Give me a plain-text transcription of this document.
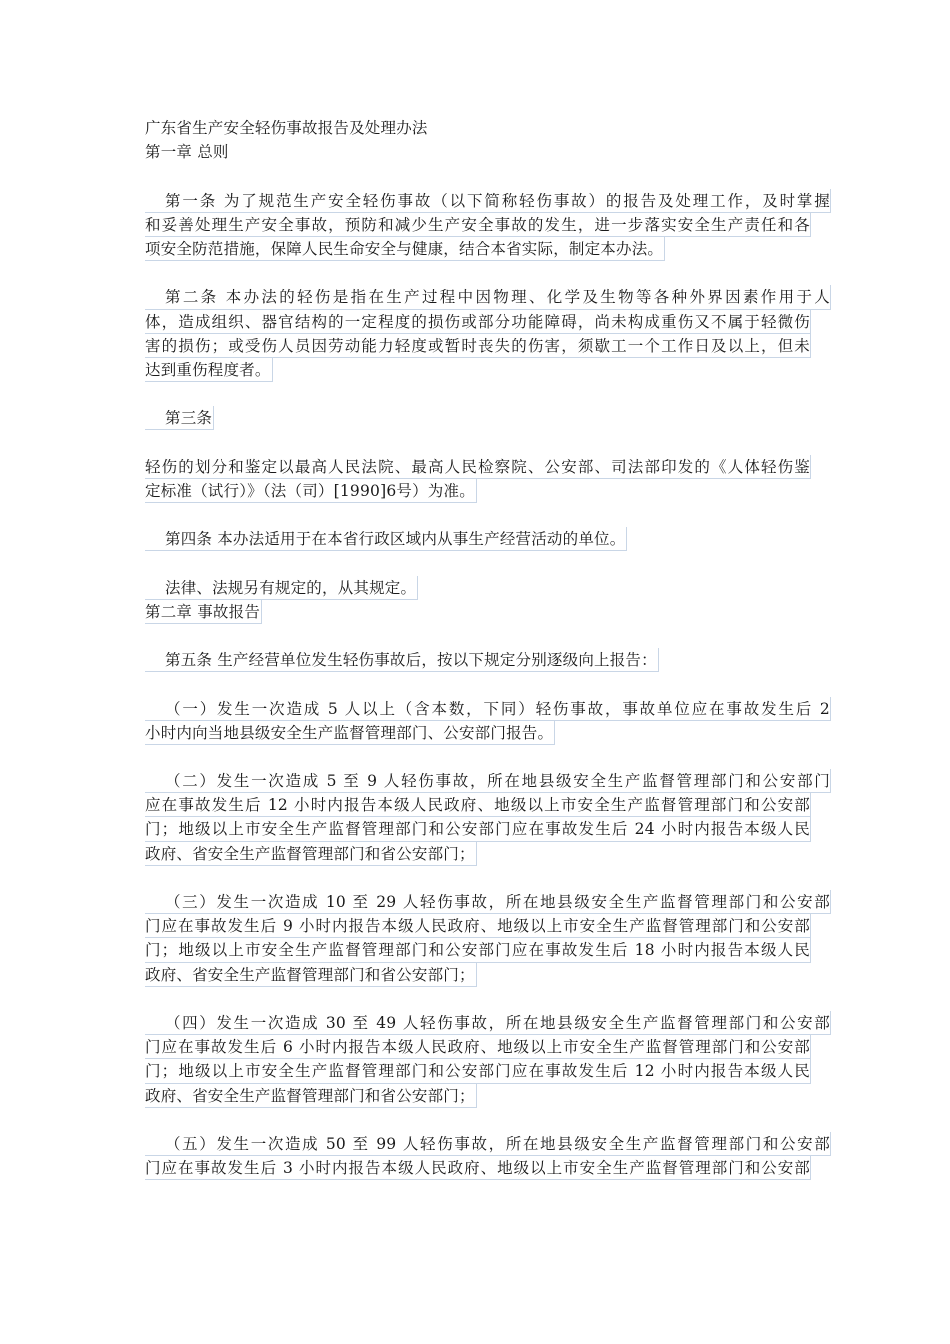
广东省生产安全轻伤事故报告及处理办法
第一章 总则
第一条 为了规范生产安全轻伤事故（以下简称轻伤事故）的报告及处理工作，及时掌握
和妥善处理生产安全事故，预防和减少生产安全事故的发生，进一步落实安全生产责任和各
项安全防范措施，保障人民生命安全与健康，结合本省实际，制定本办法。
第二条 本办法的轻伤是指在生产过程中因物理、化学及生物等各种外界因素作用于人
体，造成组织、器官结构的一定程度的损伤或部分功能障碍，尚未构成重伤又不属于轻微伤
害的损伤；或受伤人员因劳动能力轻度或暂时丧失的伤害，须歇工一个工作日及以上，但未
达到重伤程度者。
第三条
轻伤的划分和鉴定以最高人民法院、最高人民检察院、公安部、司法部印发的《人体轻伤鉴
定标准（试行）》（法（司）[1990]6号）为准。
第四条 本办法适用于在本省行政区域内从事生产经营活动的单位。
法律、法规另有规定的，从其规定。
第二章 事故报告
第五条 生产经营单位发生轻伤事故后，按以下规定分别逐级向上报告：
（一）发生一次造成 5 人以上（含本数，下同）轻伤事故，事故单位应在事故发生后 2
小时内向当地县级安全生产监督管理部门、公安部门报告。
（二）发生一次造成 5 至 9 人轻伤事故，所在地县级安全生产监督管理部门和公安部门
应在事故发生后 12 小时内报告本级人民政府、地级以上市安全生产监督管理部门和公安部
门；地级以上市安全生产监督管理部门和公安部门应在事故发生后 24 小时内报告本级人民
政府、省安全生产监督管理部门和省公安部门；
（三）发生一次造成 10 至 29 人轻伤事故，所在地县级安全生产监督管理部门和公安部
门应在事故发生后 9 小时内报告本级人民政府、地级以上市安全生产监督管理部门和公安部
门；地级以上市安全生产监督管理部门和公安部门应在事故发生后 18 小时内报告本级人民
政府、省安全生产监督管理部门和省公安部门；
（四）发生一次造成 30 至 49 人轻伤事故，所在地县级安全生产监督管理部门和公安部
门应在事故发生后 6 小时内报告本级人民政府、地级以上市安全生产监督管理部门和公安部
门；地级以上市安全生产监督管理部门和公安部门应在事故发生后 12 小时内报告本级人民
政府、省安全生产监督管理部门和省公安部门；
（五）发生一次造成 50 至 99 人轻伤事故，所在地县级安全生产监督管理部门和公安部
门应在事故发生后 3 小时内报告本级人民政府、地级以上市安全生产监督管理部门和公安部
